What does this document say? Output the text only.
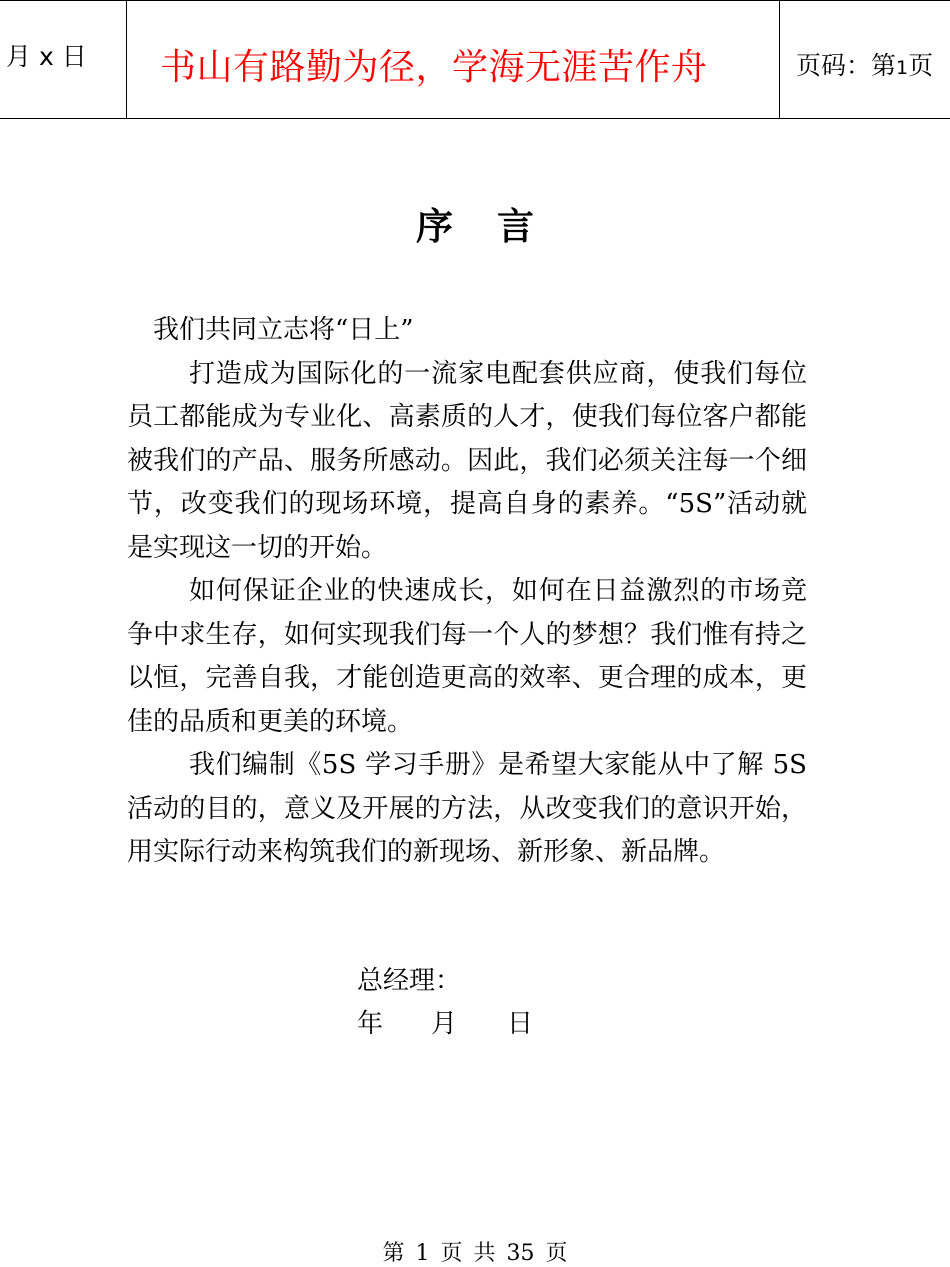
月 x 日 书山有路勤为径，学海无涯苦作舟	页码：第1页
序言

我们共同立志将“日上”

打造成为国际化的一流家电配套供应商，使我们每位员工都能成为专业化、高素质的人才，使我们每位客户都能被我们的产品、服务所感动。因此，我们必须关注每一个细节，改变我们的现场环境，提高自身的素养。“5S”活动就是实现这一切的开始。

如何保证企业的快速成长，如何在日益激烈的市场竞争中求生存，如何实现我们每一个人的梦想？我们惟有持之以恒，完善自我，才能创造更高的效率、更合理的成本，更佳的品质和更美的环境。

我们编制《5S 学习手册》是希望大家能从中了解 5S 活动的目的，意义及开展的方法，从改变我们的意识开始，用实际行动来构筑我们的新现场、新形象、新品牌。

总经理：
年 月 日
第 1 页 共 35 页
